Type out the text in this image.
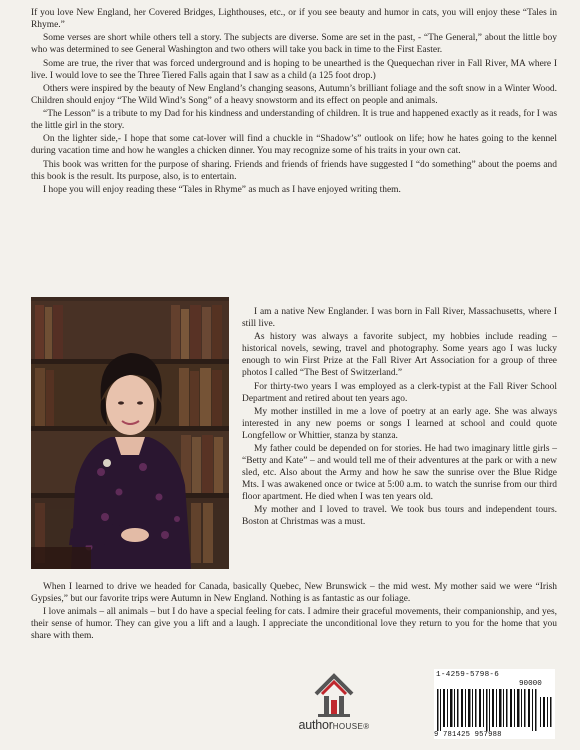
If you love New England, her Covered Bridges, Lighthouses, etc., or if you see beauty and humor in cats, you will enjoy these “Tales in Rhyme.”

Some verses are short while others tell a story. The subjects are diverse. Some are set in the past, - “The General,” about the little boy who was determined to see General Washington and two others will take you back in time to the First Easter.

Some are true, the river that was forced underground and is hoping to be unearthed is the Quequechan river in Fall River, MA where I live. I would love to see the Three Tiered Falls again that I saw as a child (a 125 foot drop.)

Others were inspired by the beauty of New England’s changing seasons, Autumn’s brilliant foliage and the soft snow in a Winter Wood. Children should enjoy “The Wild Wind’s Song” of a heavy snowstorm and its effect on people and animals.

“The Lesson” is a tribute to my Dad for his kindness and understanding of children. It is true and happened exactly as it reads, for I was the little girl in the story.

On the lighter side,- I hope that some cat-lover will find a chuckle in “Shadow’s” outlook on life; how he hates going to the kennel during vacation time and how he wangles a chicken dinner. You may recognize some of his traits in your own cat.

This book was written for the purpose of sharing. Friends and friends of friends have suggested I “do something” about the poems and this book is the result. Its purpose, also, is to entertain.

I hope you will enjoy reading these “Tales in Rhyme” as much as I have enjoyed writing them.

I am a native New Englander. I was born in Fall River, Massachusetts, where I still live.

As history was always a favorite subject, my hobbies include reading – historical novels, sewing, travel and photography. Some years ago I was lucky enough to win First Prize at the Fall River Art Association for a group of three photos I called “The Best of Switzerland.”

For thirty-two years I was employed as a clerk-typist at the Fall River School Department and retired about ten years ago.

My mother instilled in me a love of poetry at an early age. She was always interested in any new poems or songs I learned at school and could quote Longfellow or Whittier, stanza by stanza.

My father could be depended on for stories. He had two imaginary little girls – “Betty and Kate” – and would tell me of their adventures at the park or with a new sled, etc. Also about the Army and how he saw the sunrise over the Blue Ridge Mts. I was awakened once or twice at 5:00 a.m. to watch the sunrise from our third floor apartment. He died when I was ten years old.

My mother and I loved to travel. We took bus tours and independent tours. Boston at Christmas was a must.

When I learned to drive we headed for Canada, basically Quebec, New Brunswick – the mid west. My mother said we were “Irish Gypsies,” but our favorite trips were Autumn in New England. Nothing is as fantastic as our foliage.

I love animals – all animals – but I do have a special feeling for cats. I admire their graceful movements, their companionship, and yes, their sense of humor. They can give you a lift and a laugh. I appreciate the unconditional love they return to you for the home that you share with them.

authorHOUSE®
1-4259-5798-6
90000
9 781425 957988
